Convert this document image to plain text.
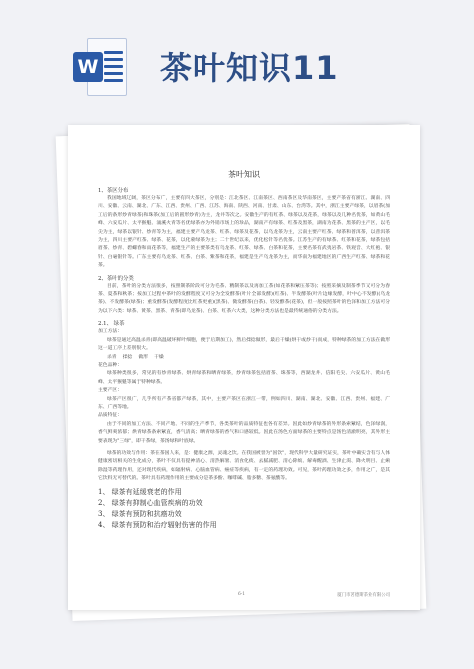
W 茶叶知识11
茶叶知识
1、茶区分布
我国地域辽阔，茶区分布广，主要有四大茶区，分别是：江北茶区、江南茶区、西南茶区及华南茶区，主要产茶省有浙江、湖南、四川、安徽、云南、湖北、广东、江西、贵州、广西、江苏、海南、陕西、河南、甘肃、山东、台湾等。其中，浙江主要产绿茶，以眉茶(加工后的条形炒青绿茶)和珠茶(加工后的圆形炒青)为主，龙井等次之。安徽生产的有红茶、绿茶以及花茶，绿茶以及几种名优茶，如黄山毛峰、六安瓜片、太平猴魁、涌溪火青等名优绿茶亦为外销市场上的珍品，湖南产有绿茶、红茶及黑茶，湖南为花茶、黑茶的主产区，以毛尖为主，绿茶以银针、炒青等为主，福建主要产乌龙茶、红茶、绿茶及花茶，以乌龙茶为主，云南主要产红茶、绿茶和普洱茶，以普洱茶为主，四川主要产红茶、绿茶、花茶，以化蒙绿茶为主；二十世纪以来，优化松针等名优茶。江苏生产的有绿茶、红茶和花茶，绿茶包括眉茶、炒青、碧螺春和雨花茶等，福建生产的主要茶类有乌龙茶、红茶、绿茶、白茶和花茶，主要名茶有武夷岩茶、铁观音、大红袍、银针、白毫银针等。广东主要有乌龙茶、红茶、白茶、紫茶和花茶，福建是生产乌龙茶为主，而华南为福建地区的广西生产红茶、绿茶和花茶。
2、茶叶的分类
目前，茶叶的分类方法很多，按照制茶阶段可分为毛茶、精制茶以及再加工茶(如花茶和紧压茶等)；按照采摘及制茶季节又可分为春茶、夏茶和秋茶；按加工过程中茶叶的发酵程度又可分为全发酵茶(叶片全部发酵)(红茶)、半发酵茶(叶片边缘发酵，叶中心不发酵)(乌龙茶)、不发酵茶(绿茶)；重发酵茶(发酵程度比红茶更重)(黑茶)、微发酵茶(白茶)、轻发酵茶(花茶)，但一般按照茶叶的色泽和加工方法可分为以下六类：绿茶、黄茶、黑茶、青茶(即乌龙茶)、白茶、红茶六大类，这种分类方法也是最传统通俗的分类方法。
2.1、 绿茶
加工方法：
绿茶是通过高温杀青(即高温破坏鲜叶细胞，便于后期加工)，然后揉捻做形，最后干燥(烘干或炒干)而成，特种绿茶的加工方法在做形这一道工序上差别很大。
杀青    揉捻    做形    干燥
花色品种：
绿茶种类很多，常见的有炒青绿茶、烘青绿茶和晒青绿茶，炒青绿茶包括眉茶、珠茶等，西湖龙井、信阳毛尖、六安瓜片、黄山毛峰、太平猴魁等属于特种绿茶。
主要产区：
绿茶产区很广，几乎所有产茶省都产绿茶，其中，主要产茶区在浙江一带，例如四川、湖南、湖北、安徽、江西、贵州、福建、广东、广西等地。
品质特征：
由于不同的加工方法、不同产地、不同的生产季节，各类茶叶的品质特征也各有差异。因此如炒青绿茶的外形条索紧结，色泽绿润，香气鲜爽浓郁；烘青绿茶条索紧直，香气清高；晒青绿茶的香气和口感较低。因此在汤色方面绿茶的主要特点是汤色清澈明亮，其外形主要表现为"三绿"，即干茶绿，茶汤绿和叶底绿。
绿茶的功效与作用：茶在茶国人来，是：健康之源，灵魂之饮。在我国被誉为"国饮"，现代科学大量研究证实，茶叶中确实含有与人体健康密切相关的生化成分，茶叶不仅具有提神清心、清热解暑、消食化痰、去腻减肥、清心除烦、解毒醒酒、生津止渴、降火明目、止痢除湿等药理作用，还对现代疾病，如辐射病、心脑血管病、癌症等疾病，有一定的药理功效。可见，茶叶药理功效之多，作用之广，是其它饮料无可替代的。茶叶具有药理作用的主要成分是茶多酚、咖啡碱、脂多糖、茶氨酸等。
1、 绿茶有延缓衰老的作用
2、 绿茶有抑制心血管疾病的功效
3、 绿茶有预防和抗癌功效
4、 绿茶有预防和治疗辐射伤害的作用
6-1	厦门市茗德斯茶业有限公司
